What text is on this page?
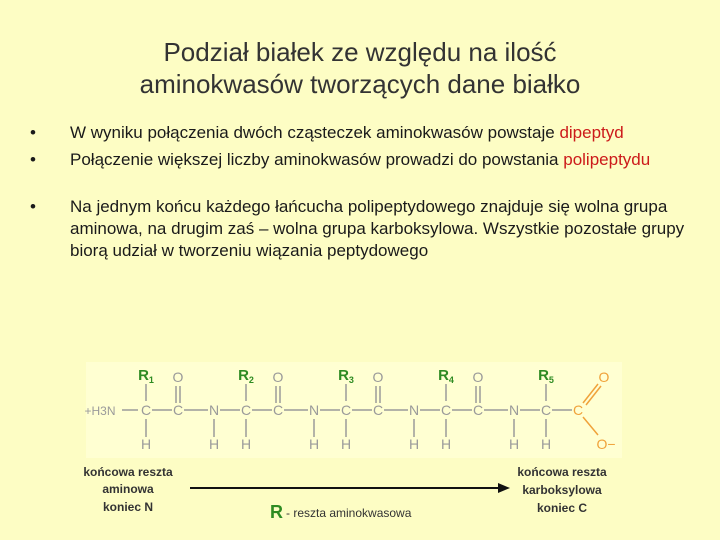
Podział białek ze względu na ilość
aminokwasów tworzących dane białko
• W wyniku połączenia dwóch cząsteczek aminokwasów powstaje dipeptyd
• Połączenie większej liczby aminokwasów prowadzi do powstania polipeptydu
• Na jednym końcu każdego łańcucha polipeptydowego znajduje się wolna grupa aminowa, na drugim zaś – wolna grupa karboksylowa. Wszystkie pozostałe grupy biorą udział w tworzeniu wiązania peptydowego
+H3N
$R_1$
C
H
C
O
N
H
$R_2$
C
H
C
O
N
H
$R_3$
C
H
C
O
N
H
$R_4$
C
H
C
O
N
H
$R_5$
C
H
C
O
O−
końcowa reszta
aminowa
koniec N
końcowa reszta
karboksylowa
koniec C
R - reszta aminokwasowa
